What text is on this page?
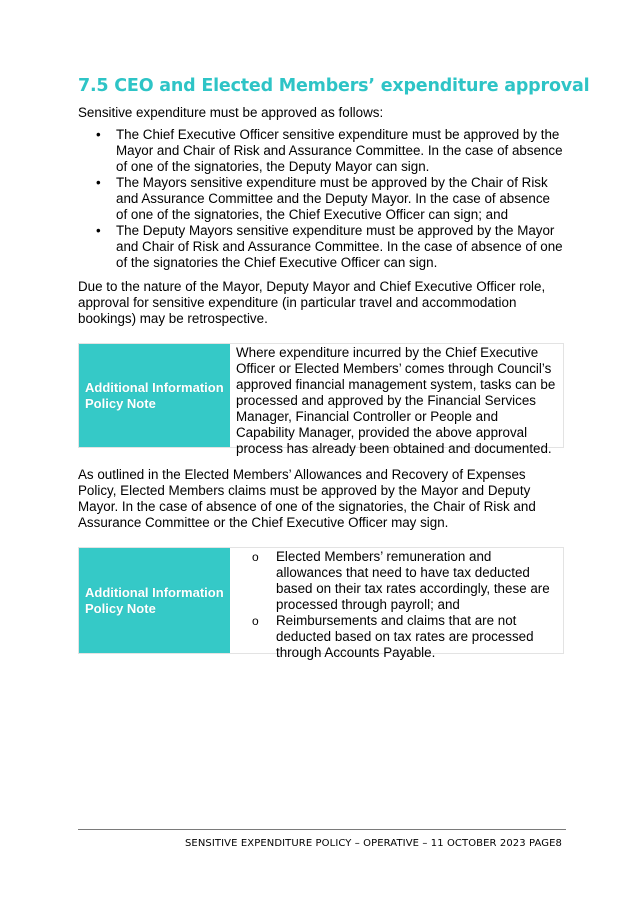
7.5 CEO and Elected Members’ expenditure approval

Sensitive expenditure must be approved as follows:

• The Chief Executive Officer sensitive expenditure must be approved by the Mayor and Chair of Risk and Assurance Committee. In the case of absence of one of the signatories, the Deputy Mayor can sign.
• The Mayors sensitive expenditure must be approved by the Chair of Risk and Assurance Committee and the Deputy Mayor. In the case of absence of one of the signatories, the Chief Executive Officer can sign; and
• The Deputy Mayors sensitive expenditure must be approved by the Mayor and Chair of Risk and Assurance Committee. In the case of absence of one of the signatories the Chief Executive Officer can sign.

Due to the nature of the Mayor, Deputy Mayor and Chief Executive Officer role, approval for sensitive expenditure (in particular travel and accommodation bookings) may be retrospective.

Additional Information
Policy Note
Where expenditure incurred by the Chief Executive Officer or Elected Members’ comes through Council’s approved financial management system, tasks can be processed and approved by the Financial Services Manager, Financial Controller or People and Capability Manager, provided the above approval process has already been obtained and documented.

As outlined in the Elected Members’ Allowances and Recovery of Expenses Policy, Elected Members claims must be approved by the Mayor and Deputy Mayor. In the case of absence of one of the signatories, the Chair of Risk and Assurance Committee or the Chief Executive Officer may sign.

Additional Information
Policy Note
o Elected Members’ remuneration and allowances that need to have tax deducted based on their tax rates accordingly, these are processed through payroll; and
o Reimbursements and claims that are not deducted based on tax rates are processed through Accounts Payable.
SENSITIVE EXPENDITURE POLICY – OPERATIVE – 11 OCTOBER 2023 PAGE8
